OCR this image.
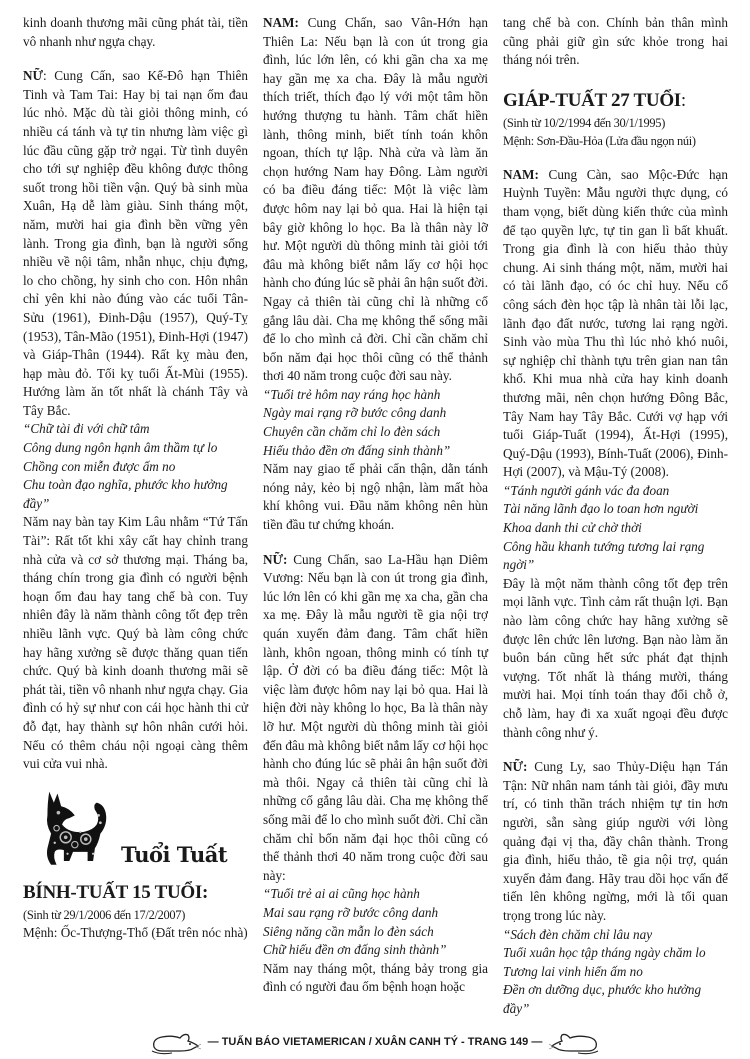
kinh doanh thương mãi cũng phát tài, tiền vô nhanh như ngựa chạy.

NỮ: Cung Cấn, sao Kế-Đô hạn Thiên Tinh và Tam Tai: Hay bị tai nạn ốm đau lúc nhỏ. Mặc dù tài giỏi thông minh, có nhiều cá tánh và tự tin nhưng làm việc gì lúc đầu cũng gặp trở ngại. Từ tình duyên cho tới sự nghiệp đều không được thông suốt trong hồi tiền vận. Quý bà sinh mùa Xuân, Hạ dễ làm giàu. Sinh tháng một, năm, mười hai gia đình bền vững yên lành. Trong gia đình, bạn là người sống nhiều về nội tâm, nhẫn nhục, chịu đựng, lo cho chồng, hy sinh cho con. Hôn nhân chỉ yên khi nào đúng vào các tuổi Tân-Sửu (1961), Đinh-Dậu (1957), Quý-Tỵ (1953), Tân-Mão (1951), Đinh-Hợi (1947) và Giáp-Thân (1944). Rất kỵ màu đen, hạp màu đỏ. Tối kỵ tuổi Ất-Mùi (1955). Hướng làm ăn tốt nhất là chánh Tây và Tây Bắc.

“Chữ tài đi với chữ tâm
Công dung ngôn hạnh âm thầm tự lo
Chồng con miễn được ấm no
Chu toàn đạo nghĩa, phước kho hưởng đầy”

Năm nay bàn tay Kim Lâu nhằm “Tứ Tấn Tài”: Rất tốt khi xây cất hay chỉnh trang nhà cửa và cơ sở thương mại. Tháng ba, tháng chín trong gia đình có người bệnh hoạn ốm đau hay tang chế bà con. Tuy nhiên đây là năm thành công tốt đẹp trên nhiều lãnh vực. Quý bà làm công chức hay hãng xưởng sẽ được thăng quan tiến chức. Quý bà kinh doanh thương mãi sẽ phát tài, tiền vô nhanh như ngựa chạy. Gia đình có hỷ sự như con cái học hành thi cử đỗ đạt, hay thành sự hôn nhân cưới hỏi. Nếu có thêm cháu nội ngoại càng thêm vui cửa vui nhà.

Tuổi Tuất
BÍNH-TUẤT 15 TUỔI:
(Sinh từ 29/1/2006 đến 17/2/2007)
Mệnh: Ốc-Thượng-Thổ (Đất trên nóc nhà)

NAM: Cung Chấn, sao Vân-Hớn hạn Thiên La: Nếu bạn là con út trong gia đình, lúc lớn lên, có khi gần cha xa mẹ hay gần mẹ xa cha. Đây là mẫu người thích triết, thích đạo lý với một tâm hồn hướng thượng tu hành. Tâm chất hiền lành, thông minh, biết tính toán khôn ngoan, thích tự lập. Nhà cửa và làm ăn chọn hướng Nam hay Đông. Làm người có ba điều đáng tiếc: Một là việc làm được hôm nay lại bỏ qua. Hai là hiện tại bây giờ không lo học. Ba là thân này lỡ hư. Một người dù thông minh tài giỏi tới đâu mà không biết nắm lấy cơ hội học hành cho đúng lúc sẽ phải ân hận suốt đời. Ngay cả thiên tài cũng chỉ là những cố gắng lâu dài. Cha mẹ không thể sống mãi để lo cho mình cả đời. Chỉ cần chăm chỉ bốn năm đại học thôi cũng có thể thảnh thơi 40 năm trong cuộc đời sau này.

“Tuổi trẻ hôm nay ráng học hành
Ngày mai rạng rỡ bước công danh
Chuyên cần chăm chỉ lo đèn sách
Hiếu thảo đền ơn đấng sinh thành”

Năm nay giao tế phải cẩn thận, dằn tánh nóng nảy, kẻo bị ngộ nhận, làm mất hòa khí không vui. Đầu năm không nên hùn tiền đầu tư chứng khoán.

NỮ: Cung Chấn, sao La-Hầu hạn Diêm Vương: Nếu bạn là con út trong gia đình, lúc lớn lên có khi gần mẹ xa cha, gần cha xa mẹ. Đây là mẫu người tề gia nội trợ quán xuyến đảm đang. Tâm chất hiền lành, khôn ngoan, thông minh có tính tự lập. Ở đời có ba điều đáng tiếc: Một là việc làm được hôm nay lại bỏ qua. Hai là hiện đời này không lo học, Ba là thân này lỡ hư. Một người dù thông minh tài giỏi đến đâu mà không biết nắm lấy cơ hội học hành cho đúng lúc sẽ phải ân hận suốt đời mà thôi. Ngay cả thiên tài cũng chỉ là những cố gắng lâu dài. Cha mẹ không thể sống mãi để lo cho mình suốt đời. Chỉ cần chăm chỉ bốn năm đại học thôi cũng có thể thảnh thơi 40 năm trong cuộc đời sau này:

“Tuổi trẻ ai ai cũng học hành
Mai sau rạng rỡ bước công danh
Siêng năng cần mẫn lo đèn sách
Chữ hiếu đền ơn đấng sinh thành”

Năm nay tháng một, tháng bảy trong gia đình có người đau ốm bệnh hoạn hoặc

tang chế bà con. Chính bản thân mình cũng phải giữ gìn sức khỏe trong hai tháng nói trên.

GIÁP-TUẤT 27 TUỔI:
(Sinh từ 10/2/1994 đến 30/1/1995)
Mệnh: Sơn-Đầu-Hỏa (Lửa đầu ngọn núi)

NAM: Cung Càn, sao Mộc-Đức hạn Huỳnh Tuyền: Mẫu người thực dụng, có tham vọng, biết dùng kiến thức của mình để tạo quyền lực, tự tin gan lì bất khuất. Trong gia đình là con hiếu thảo thủy chung. Ai sinh tháng một, năm, mười hai có tài lãnh đạo, có óc chỉ huy. Nếu cố công sách đèn học tập là nhân tài lỗi lạc, lãnh đạo đất nước, tương lai rạng ngời. Sinh vào mùa Thu thì lúc nhỏ khó nuôi, sự nghiệp chỉ thành tựu trên gian nan tân khổ. Khi mua nhà cửa hay kinh doanh thương mãi, nên chọn hướng Đông Bắc, Tây Nam hay Tây Bắc. Cưới vợ hạp với tuổi Giáp-Tuất (1994), Ất-Hợi (1995), Quý-Dậu (1993), Bính-Tuất (2006), Đinh-Hợi (2007), và Mậu-Tý (2008).

“Tánh người gánh vác đa đoan
Tài năng lãnh đạo lo toan hơn người
Khoa danh thi cử chờ thời
Công hầu khanh tướng tương lai rạng ngời”

Đây là một năm thành công tốt đẹp trên mọi lãnh vực. Tình cảm rất thuận lợi. Bạn nào làm công chức hay hãng xưởng sẽ được lên chức lên lương. Bạn nào làm ăn buôn bán cũng hết sức phát đạt thịnh vượng. Tốt nhất là tháng mười, tháng mười hai. Mọi tính toán thay đổi chỗ ở, chỗ làm, hay đi xa xuất ngoại đều được thành công như ý.

NỮ: Cung Ly, sao Thủy-Diệu hạn Tán Tận: Nữ nhân nam tánh tài giỏi, đầy mưu trí, có tinh thần trách nhiệm tự tin hơn người, sẵn sàng giúp người với lòng quảng đại vị tha, đầy chân thành. Trong gia đình, hiếu thảo, tề gia nội trợ, quán xuyến đảm đang. Hãy trau dồi học vấn để tiến lên không ngừng, mới là tối quan trọng trong lúc này.

“Sách đèn chăm chỉ lâu nay
Tuổi xuân học tập tháng ngày chăm lo
Tương lai vinh hiển ấm no
Đền ơn dưỡng dục, phước kho hưởng đầy”
— TUẤN BÁO VIETAMERICAN / XUÂN CANH TÝ - TRANG 149 —
